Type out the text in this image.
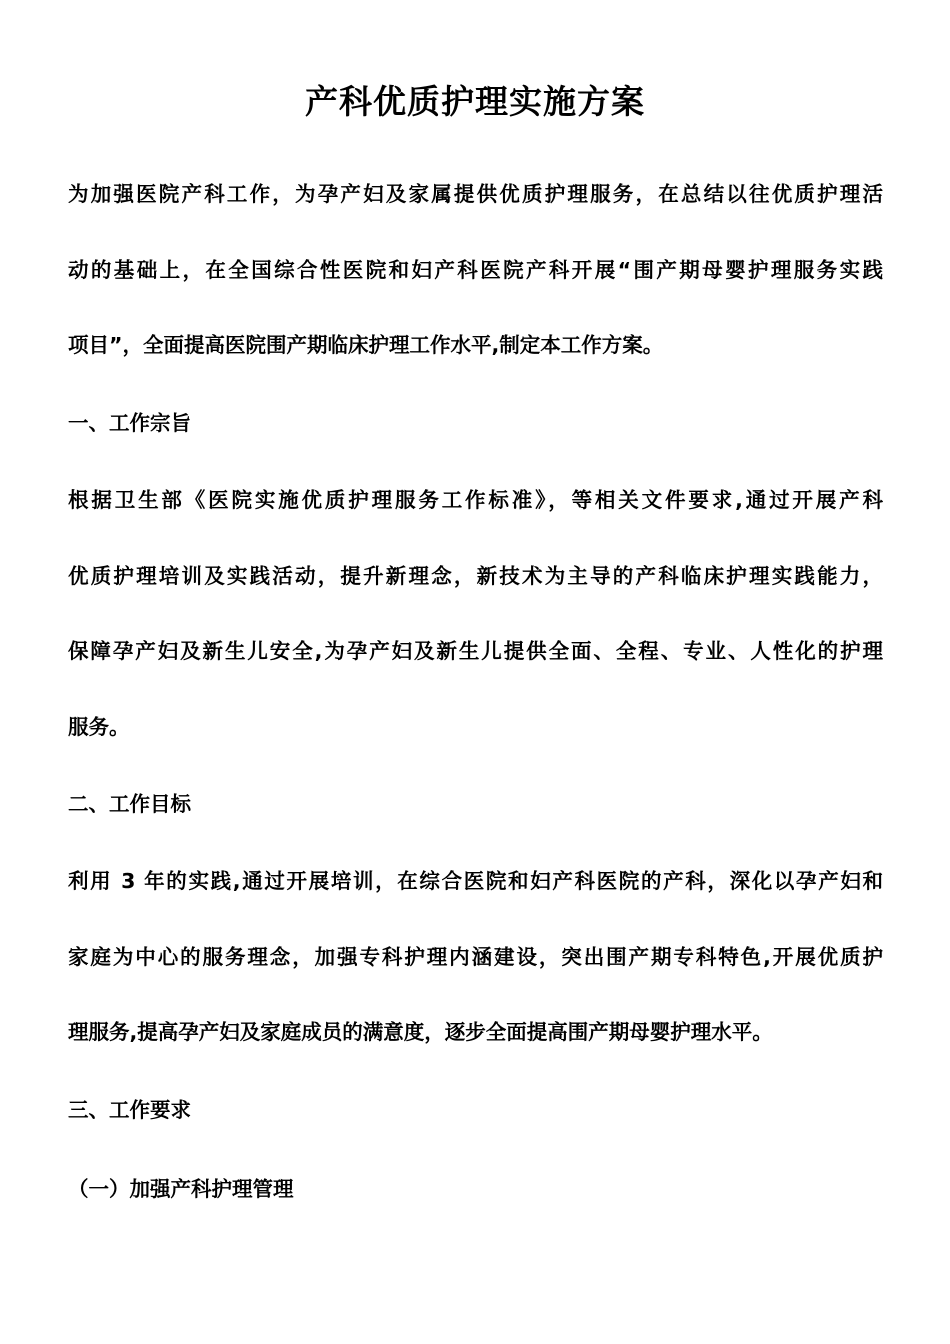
产科优质护理实施方案

为加强医院产科工作，为孕产妇及家属提供优质护理服务，在总结以往优质护理活

动的基础上，在全国综合性医院和妇产科医院产科开展“围产期母婴护理服务实践

项目”，全面提高医院围产期临床护理工作水平,制定本工作方案。

一、工作宗旨

根据卫生部《医院实施优质护理服务工作标准》，等相关文件要求,通过开展产科

优质护理培训及实践活动，提升新理念，新技术为主导的产科临床护理实践能力，

保障孕产妇及新生儿安全,为孕产妇及新生儿提供全面、全程、专业、人性化的护理

服务。

二、工作目标

利用 3 年的实践,通过开展培训，在综合医院和妇产科医院的产科，深化以孕产妇和

家庭为中心的服务理念，加强专科护理内涵建设，突出围产期专科特色,开展优质护

理服务,提高孕产妇及家庭成员的满意度，逐步全面提高围产期母婴护理水平。

三、工作要求

（一）加强产科护理管理
